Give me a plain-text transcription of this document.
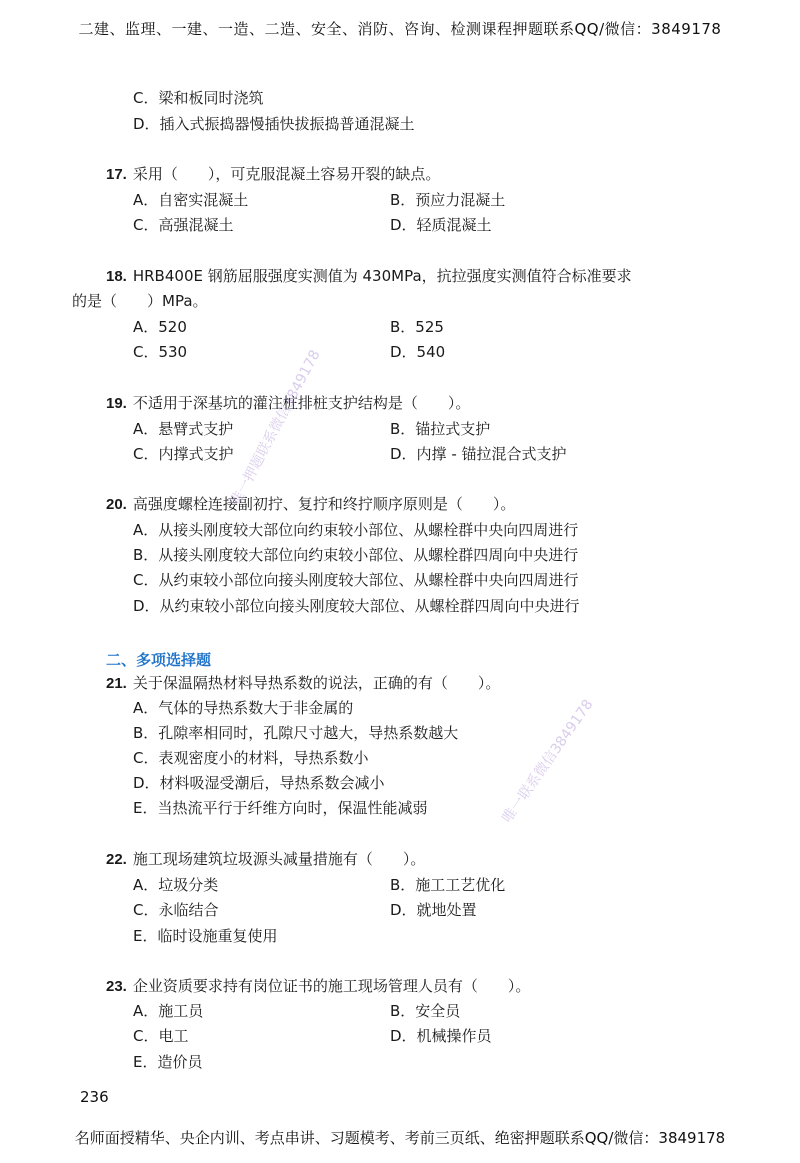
二建、监理、一建、一造、二造、安全、消防、咨询、检测课程押题联系QQ/微信：3849178
C．梁和板同时浇筑
D．插入式振捣器慢插快拔振捣普通混凝土
17. 采用（　　），可克服混凝土容易开裂的缺点。
A．自密实混凝土	B．预应力混凝土
C．高强混凝土	D．轻质混凝土
18. HRB400E 钢筋屈服强度实测值为 430MPa，抗拉强度实测值符合标准要求
的是（　　）MPa。
A．520	B．525
C．530	D．540
19. 不适用于深基坑的灌注桩排桩支护结构是（　　）。
A．悬臂式支护	B．锚拉式支护
C．内撑式支护	D．内撑 - 锚拉混合式支护
20. 高强度螺栓连接副初拧、复拧和终拧顺序原则是（　　）。
A．从接头刚度较大部位向约束较小部位、从螺栓群中央向四周进行
B．从接头刚度较大部位向约束较小部位、从螺栓群四周向中央进行
C．从约束较小部位向接头刚度较大部位、从螺栓群中央向四周进行
D．从约束较小部位向接头刚度较大部位、从螺栓群四周向中央进行
二、多项选择题
21. 关于保温隔热材料导热系数的说法，正确的有（　　）。
A．气体的导热系数大于非金属的
B．孔隙率相同时，孔隙尺寸越大，导热系数越大
C．表观密度小的材料，导热系数小
D．材料吸湿受潮后，导热系数会减小
E．当热流平行于纤维方向时，保温性能减弱
22. 施工现场建筑垃圾源头减量措施有（　　）。
A．垃圾分类	B．施工工艺优化
C．永临结合	D．就地处置
E．临时设施重复使用
23. 企业资质要求持有岗位证书的施工现场管理人员有（　　）。
A．施工员	B．安全员
C．电工	D．机械操作员
E．造价员
236
名师面授精华、央企内训、考点串讲、习题模考、考前三页纸、绝密押题联系QQ/微信：3849178
唯一押题联系微信3849178
唯一联系微信3849178
